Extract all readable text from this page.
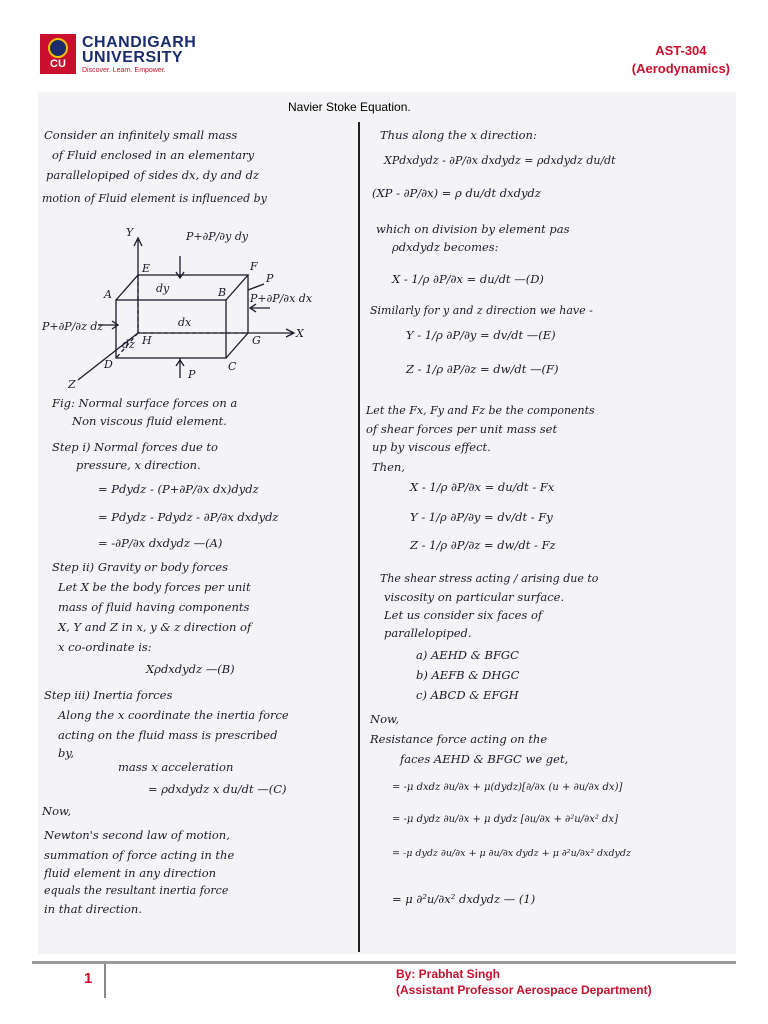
CU
CHANDIGARH
UNIVERSITY
Discover. Learn. Empower.
AST-304
(Aerodynamics)
Navier Stoke Equation.
Consider an infinitely small mass
of Fluid enclosed in an elementary
parallelopiped of sides dx, dy and dz
motion of Fluid element is influenced by
Y
X
Z
P+∂P/∂y dy
P+∂P/∂z dz
P+∂P/∂x dx
P
P
dy
dx
dz
A	B
C
D
E	F
G
H
Fig: Normal surface forces on a
Non viscous fluid element.
Step i) Normal forces due to
pressure, x direction.
= Pdydz - (P+∂P/∂x dx)dydz
= Pdydz - Pdydz - ∂P/∂x dxdydz
= -∂P/∂x dxdydz —(A)
Step ii) Gravity or body forces
Let X be the body forces per unit
mass of fluid having components
X, Y and Z in x, y & z direction of
x co-ordinate is:
Xρdxdydz —(B)
Step iii) Inertia forces
Along the x coordinate the inertia force
acting on the fluid mass is prescribed
by,
mass x acceleration
= ρdxdydz x du/dt —(C)
Now,
Newton's second law of motion,
summation of force acting in the
fluid element in any direction
equals the resultant inertia force
in that direction.
Thus along the x direction:
XPdxdydz - ∂P/∂x dxdydz = ρdxdydz du/dt
(XP - ∂P/∂x) = ρ du/dt dxdydz
which on division by element pas
ρdxdydz becomes:
X - 1/ρ ∂P/∂x = du/dt —(D)
Similarly for y and z direction we have -
Y - 1/ρ ∂P/∂y = dv/dt —(E)
Z - 1/ρ ∂P/∂z = dw/dt —(F)
Let the Fx, Fy and Fz be the components
of shear forces per unit mass set
up by viscous effect.
Then,
X - 1/ρ ∂P/∂x = du/dt - Fx
Y - 1/ρ ∂P/∂y = dv/dt - Fy
Z - 1/ρ ∂P/∂z = dw/dt - Fz
The shear stress acting / arising due to
viscosity on particular surface.
Let us consider six faces of
parallelopiped.
a) AEHD & BFGC
b) AEFB & DHGC
c) ABCD & EFGH
Now,
Resistance force acting on the
faces AEHD & BFGC we get,
= -μ dxdz ∂u/∂x + μ(dydz)[∂/∂x (u + ∂u/∂x dx)]
= -μ dydz ∂u/∂x + μ dydz [∂u/∂x + ∂²u/∂x² dx]
= -μ dydz ∂u/∂x + μ ∂u/∂x dydz + μ ∂²u/∂x² dxdydz
= μ ∂²u/∂x² dxdydz — (1)
1	By: Prabhat Singh
(Assistant Professor Aerospace Department)
